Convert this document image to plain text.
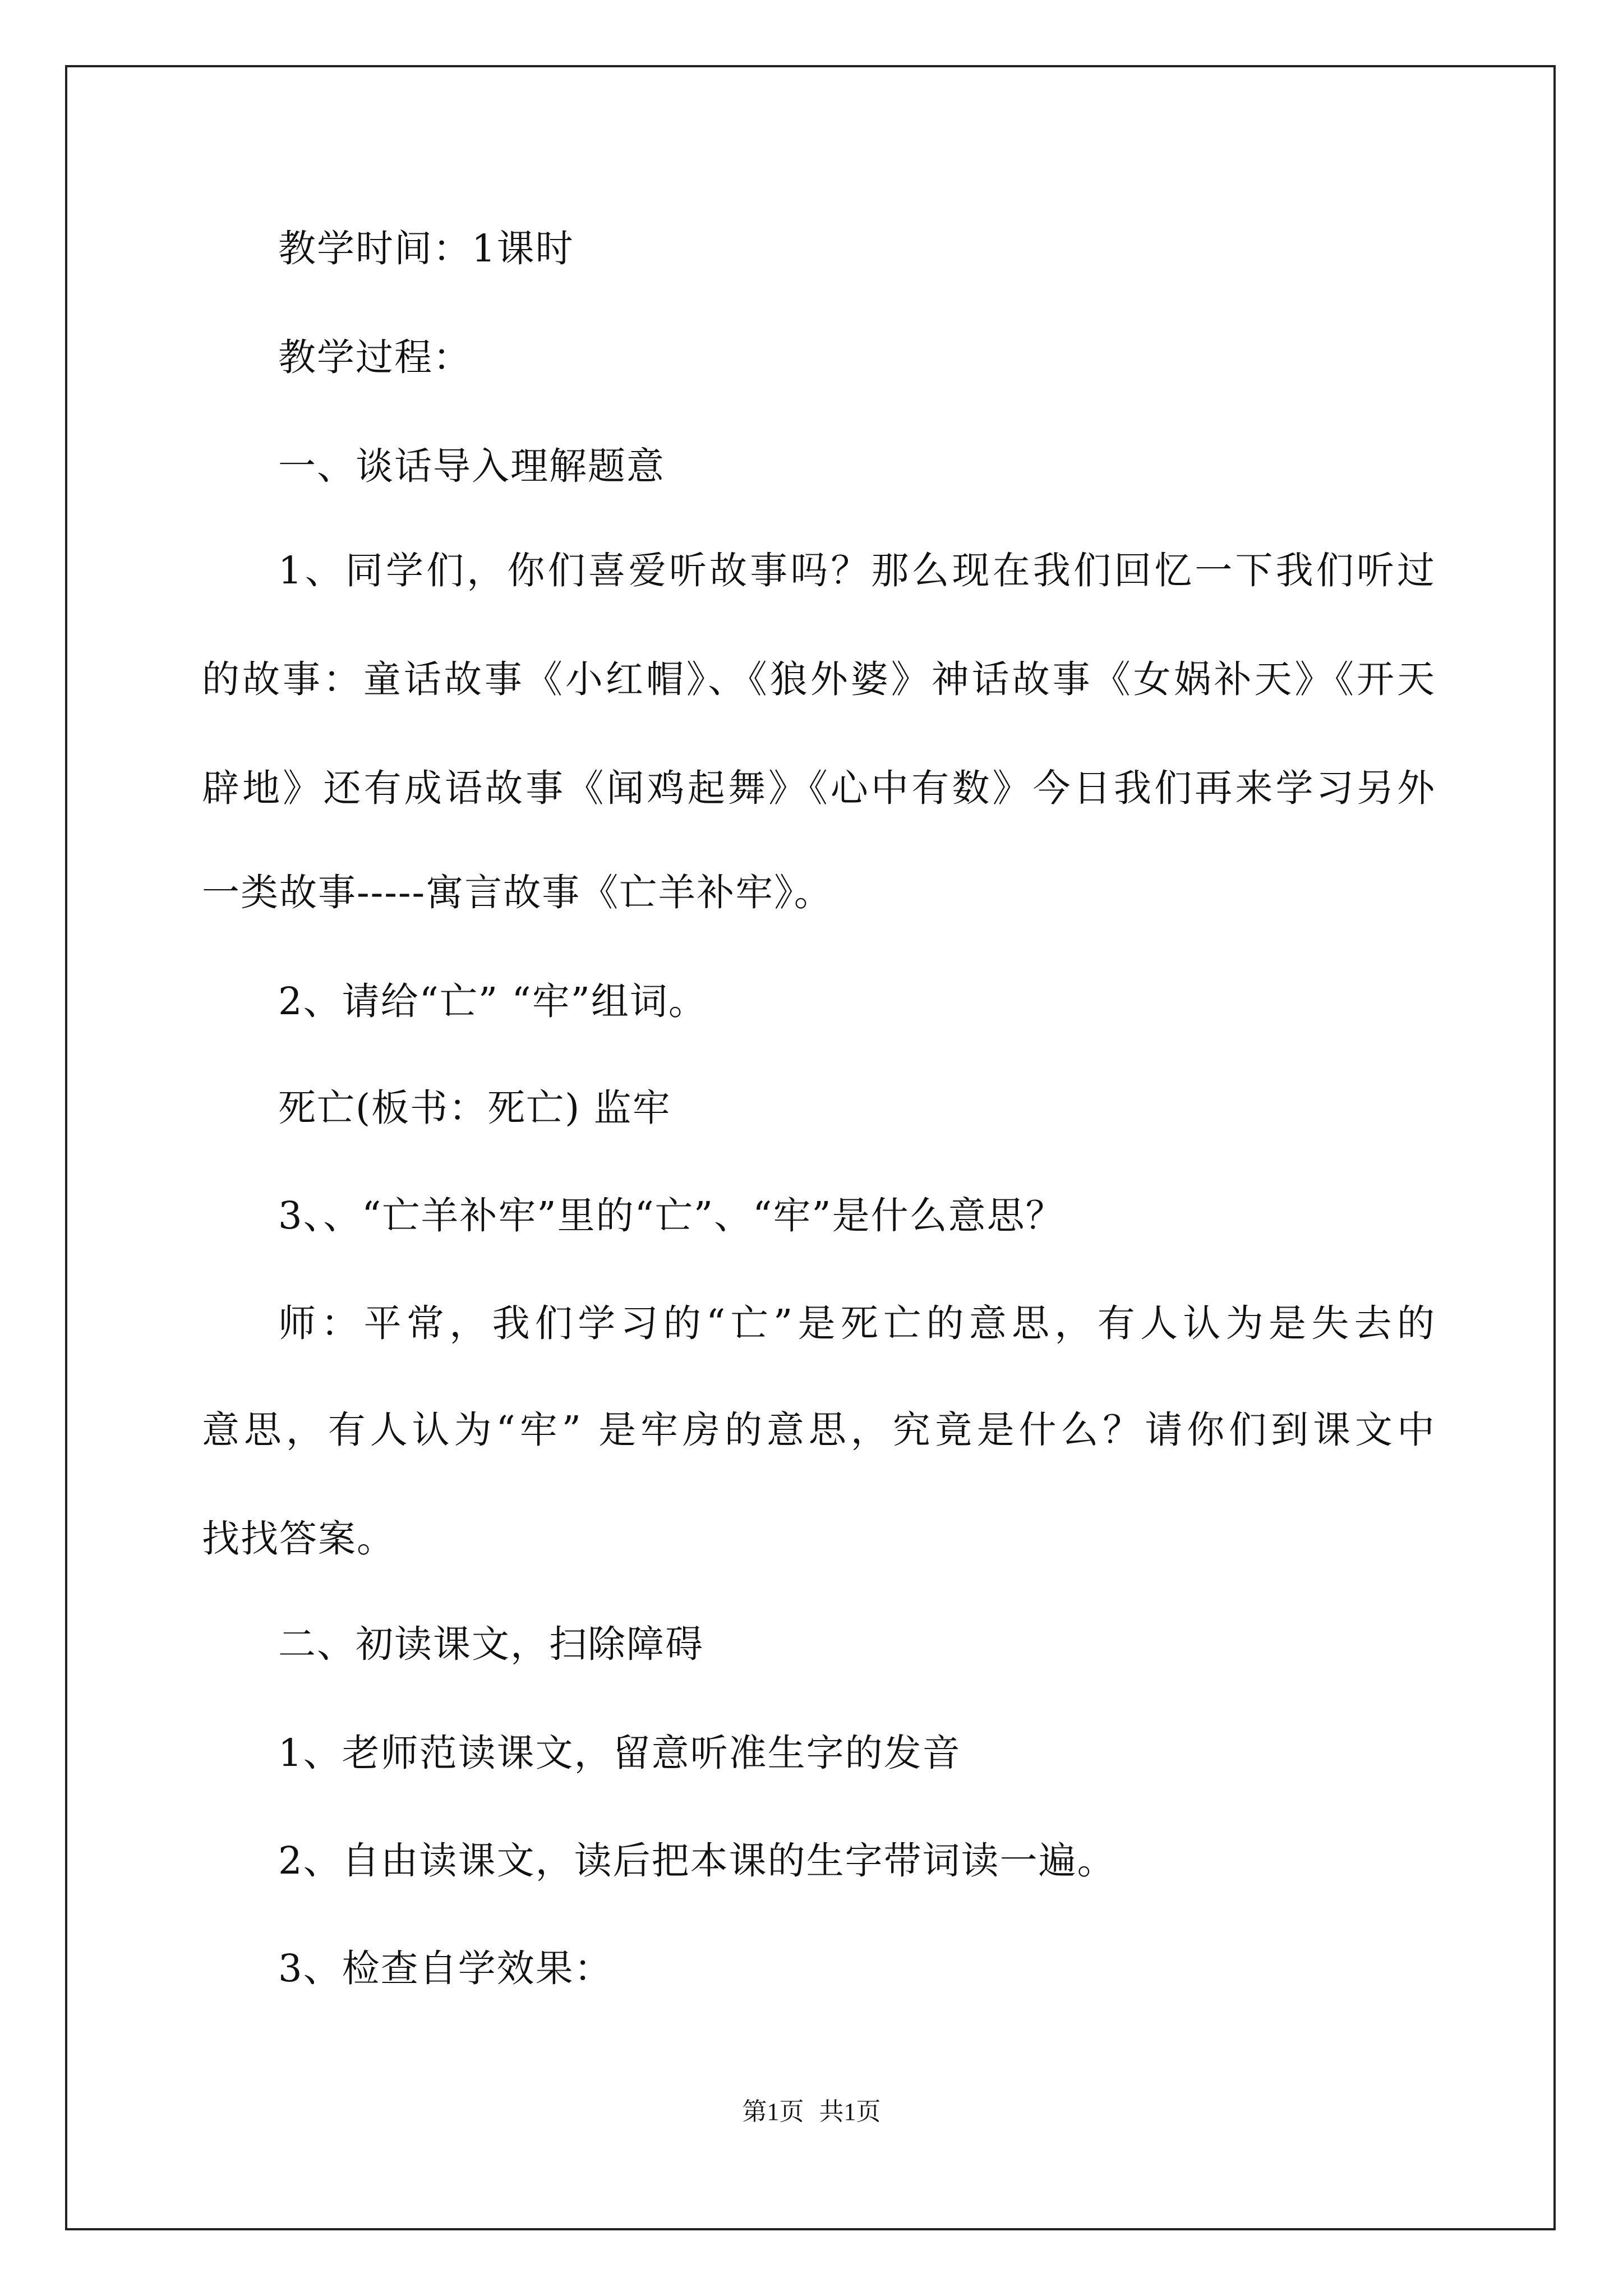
教学时间：1课时
教学过程：
一、谈话导入理解题意
1、同学们，你们喜爱听故事吗？那么现在我们回忆一下我们听过
的故事：童话故事《小红帽》、《狼外婆》神话故事《女娲补天》《开天
辟地》还有成语故事《闻鸡起舞》《心中有数》今日我们再来学习另外
一类故事-----寓言故事《亡羊补牢》。
2、请给“亡” “牢”组词。
死亡(板书：死亡) 监牢
3、、“亡羊补牢”里的“亡”、“牢”是什么意思？
师：平常，我们学习的“亡”是死亡的意思，有人认为是失去的
意思，有人认为“牢” 是牢房的意思，究竟是什么？请你们到课文中
找找答案。
二、初读课文，扫除障碍
1、老师范读课文，留意听准生字的发音
2、自由读课文，读后把本课的生字带词读一遍。
3、检查自学效果：
第1页 共1页
